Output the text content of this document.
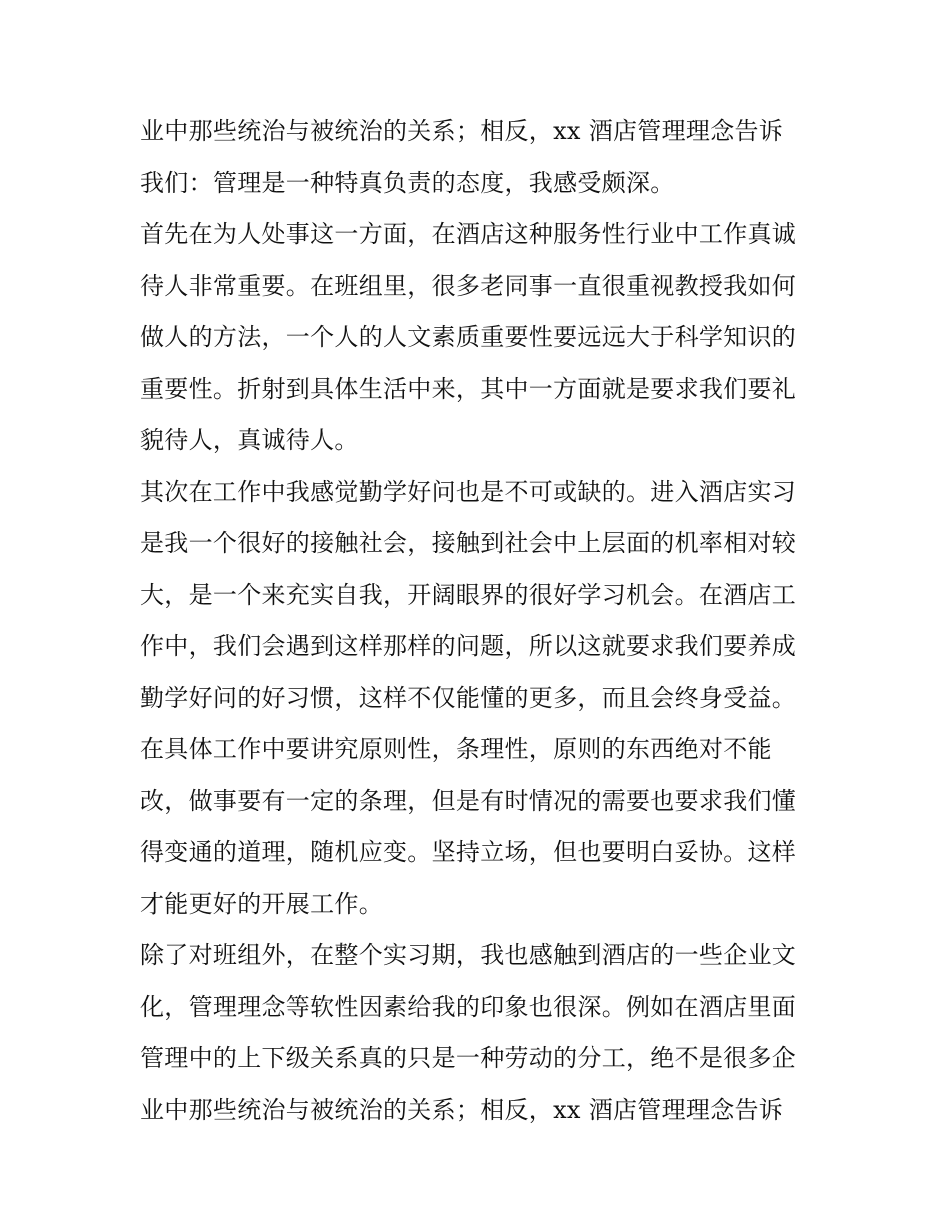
业中那些统治与被统治的关系；相反，xx 酒店管理理念告诉
我们：管理是一种特真负责的态度，我感受颇深。
首先在为人处事这一方面，在酒店这种服务性行业中工作真诚
待人非常重要。在班组里，很多老同事一直很重视教授我如何
做人的方法，一个人的人文素质重要性要远远大于科学知识的
重要性。折射到具体生活中来，其中一方面就是要求我们要礼
貌待人，真诚待人。
其次在工作中我感觉勤学好问也是不可或缺的。进入酒店实习
是我一个很好的接触社会，接触到社会中上层面的机率相对较
大，是一个来充实自我，开阔眼界的很好学习机会。在酒店工
作中，我们会遇到这样那样的问题，所以这就要求我们要养成
勤学好问的好习惯，这样不仅能懂的更多，而且会终身受益。
在具体工作中要讲究原则性，条理性，原则的东西绝对不能
改，做事要有一定的条理，但是有时情况的需要也要求我们懂
得变通的道理，随机应变。坚持立场，但也要明白妥协。这样
才能更好的开展工作。
除了对班组外，在整个实习期，我也感触到酒店的一些企业文
化，管理理念等软性因素给我的印象也很深。例如在酒店里面
管理中的上下级关系真的只是一种劳动的分工，绝不是很多企
业中那些统治与被统治的关系；相反，xx 酒店管理理念告诉
